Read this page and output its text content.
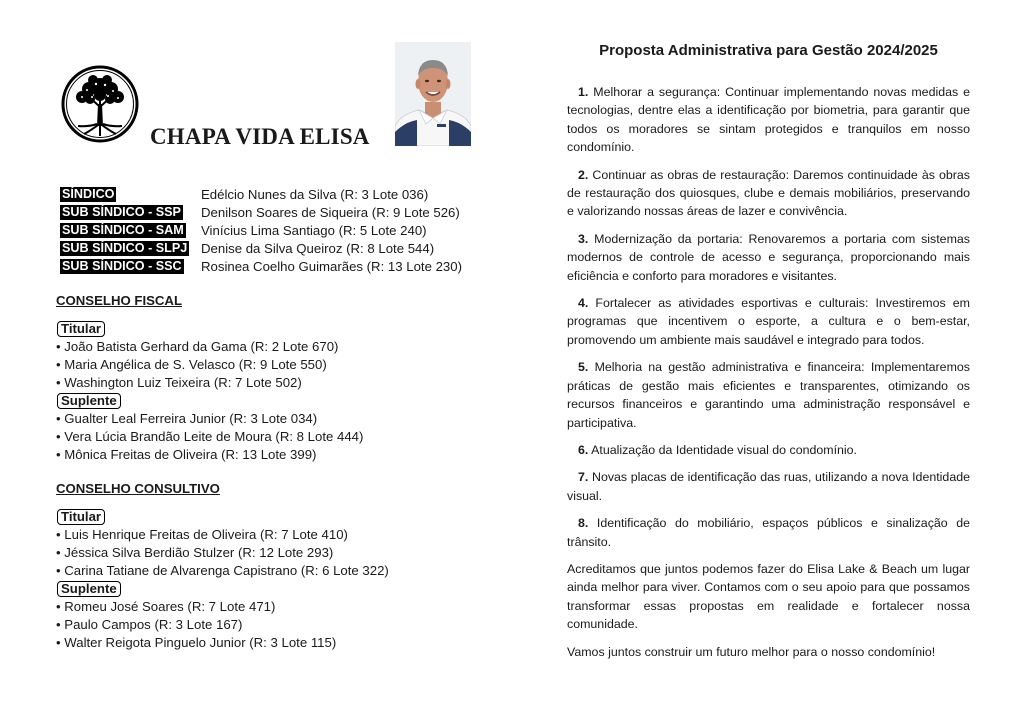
CHAPA VIDA ELISA
SÍNDICO	Edélcio Nunes da Silva (R: 3 Lote 036)
SUB SÍNDICO - SSP	Denilson Soares de Siqueira (R: 9 Lote 526)
SUB SÍNDICO - SAM	Vinícius Lima Santiago (R: 5 Lote 240)
SUB SÍNDICO - SLPJ	Denise da Silva Queiroz (R: 8 Lote 544)
SUB SÍNDICO - SSC	Rosinea Coelho Guimarães (R: 13 Lote 230)
CONSELHO FISCAL
Titular
• João Batista Gerhard da Gama (R: 2 Lote 670)
• Maria Angélica de S. Velasco (R: 9 Lote 550)
• Washington Luiz Teixeira (R: 7 Lote 502)
Suplente
• Gualter Leal Ferreira Junior (R: 3 Lote 034)
• Vera Lúcia Brandão Leite de Moura (R: 8 Lote 444)
• Mônica Freitas de Oliveira (R: 13 Lote 399)
CONSELHO CONSULTIVO
Titular
• Luis Henrique Freitas de Oliveira (R: 7 Lote 410)
• Jéssica Silva Berdião Stulzer (R: 12 Lote 293)
• Carina Tatiane de Alvarenga Capistrano (R: 6 Lote 322)
Suplente
• Romeu José Soares (R: 7 Lote 471)
• Paulo Campos (R: 3 Lote 167)
• Walter Reigota Pinguelo Junior (R: 3 Lote 115)
Proposta Administrativa para Gestão 2024/2025
1. Melhorar a segurança: Continuar implementando novas medidas e tecnologias, dentre elas a identificação por biometria, para garantir que todos os moradores se sintam protegidos e tranquilos em nosso condomínio.
2. Continuar as obras de restauração: Daremos continuidade às obras de restauração dos quiosques, clube e demais mobiliários, preservando e valorizando nossas áreas de lazer e convivência.
3. Modernização da portaria: Renovaremos a portaria com sistemas modernos de controle de acesso e segurança, proporcionando mais eficiência e conforto para moradores e visitantes.
4. Fortalecer as atividades esportivas e culturais: Investiremos em programas que incentivem o esporte, a cultura e o bem-estar, promovendo um ambiente mais saudável e integrado para todos.
5. Melhoria na gestão administrativa e financeira: Implementaremos práticas de gestão mais eficientes e transparentes, otimizando os recursos financeiros e garantindo uma administração responsável e participativa.
6. Atualização da Identidade visual do condomínio.
7. Novas placas de identificação das ruas, utilizando a nova Identidade visual.
8. Identificação do mobiliário, espaços públicos e sinalização de trânsito.
Acreditamos que juntos podemos fazer do Elisa Lake & Beach um lugar ainda melhor para viver. Contamos com o seu apoio para que possamos transformar essas propostas em realidade e fortalecer nossa comunidade.
Vamos juntos construir um futuro melhor para o nosso condomínio!
